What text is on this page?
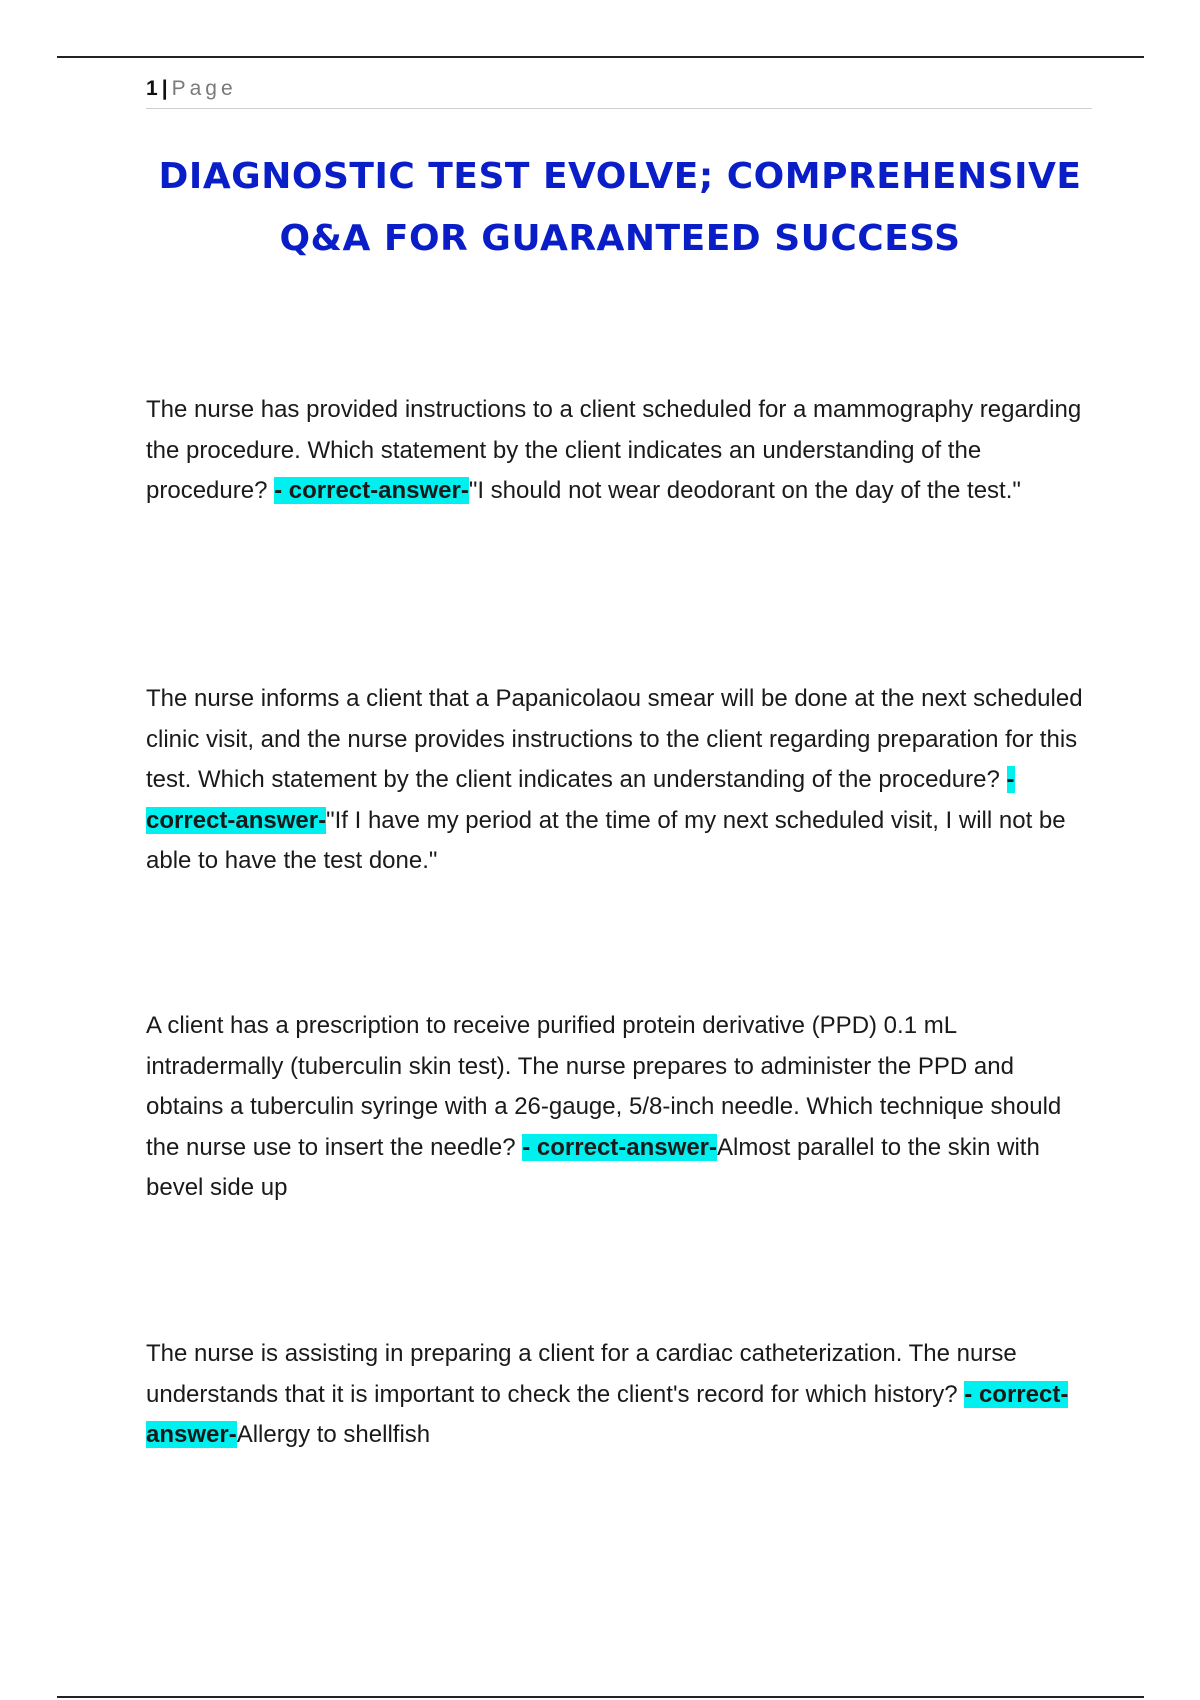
1 | Page
DIAGNOSTIC TEST EVOLVE; COMPREHENSIVE
Q&A FOR GUARANTEED SUCCESS

The nurse has provided instructions to a client scheduled for a mammography regarding the procedure. Which statement by the client indicates an understanding of the procedure? - correct-answer-"I should not wear deodorant on the day of the test."

The nurse informs a client that a Papanicolaou smear will be done at the next scheduled clinic visit, and the nurse provides instructions to the client regarding preparation for this test. Which statement by the client indicates an understanding of the procedure? - correct-answer-"If I have my period at the time of my next scheduled visit, I will not be able to have the test done."

A client has a prescription to receive purified protein derivative (PPD) 0.1 mL intradermally (tuberculin skin test). The nurse prepares to administer the PPD and obtains a tuberculin syringe with a 26-gauge, 5/8-inch needle. Which technique should the nurse use to insert the needle? - correct-answer-Almost parallel to the skin with bevel side up

The nurse is assisting in preparing a client for a cardiac catheterization. The nurse understands that it is important to check the client's record for which history? - correct-answer-Allergy to shellfish
